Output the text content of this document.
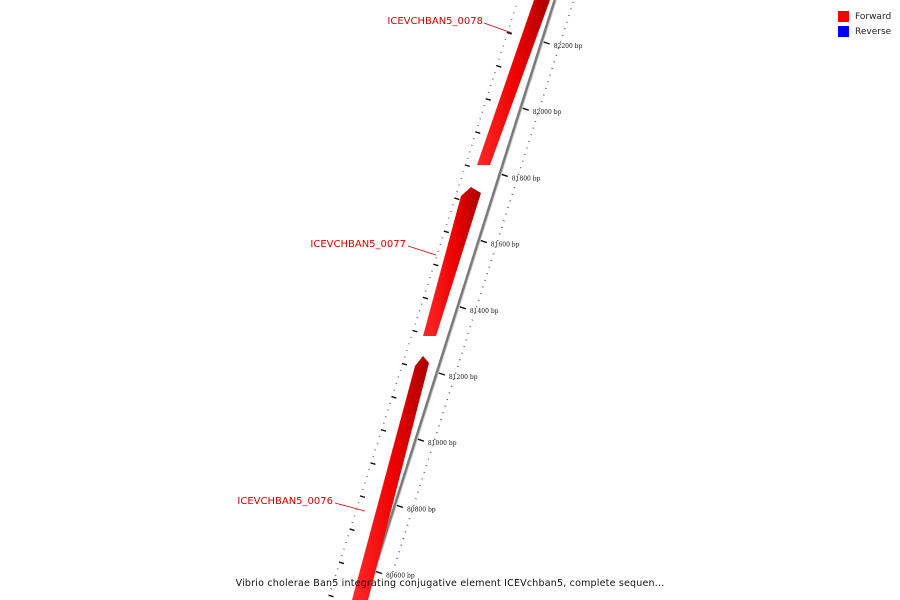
ICEVCHBAN5_0078
ICEVCHBAN5_0077
ICEVCHBAN5_0076
82200 bp
82000 bp
81800 bp
81600 bp
81400 bp
81200 bp
81000 bp
80800 bp
80600 bp
Forward
Reverse
Vibrio cholerae Ban5 integrating conjugative element ICEVchban5, complete sequen...
